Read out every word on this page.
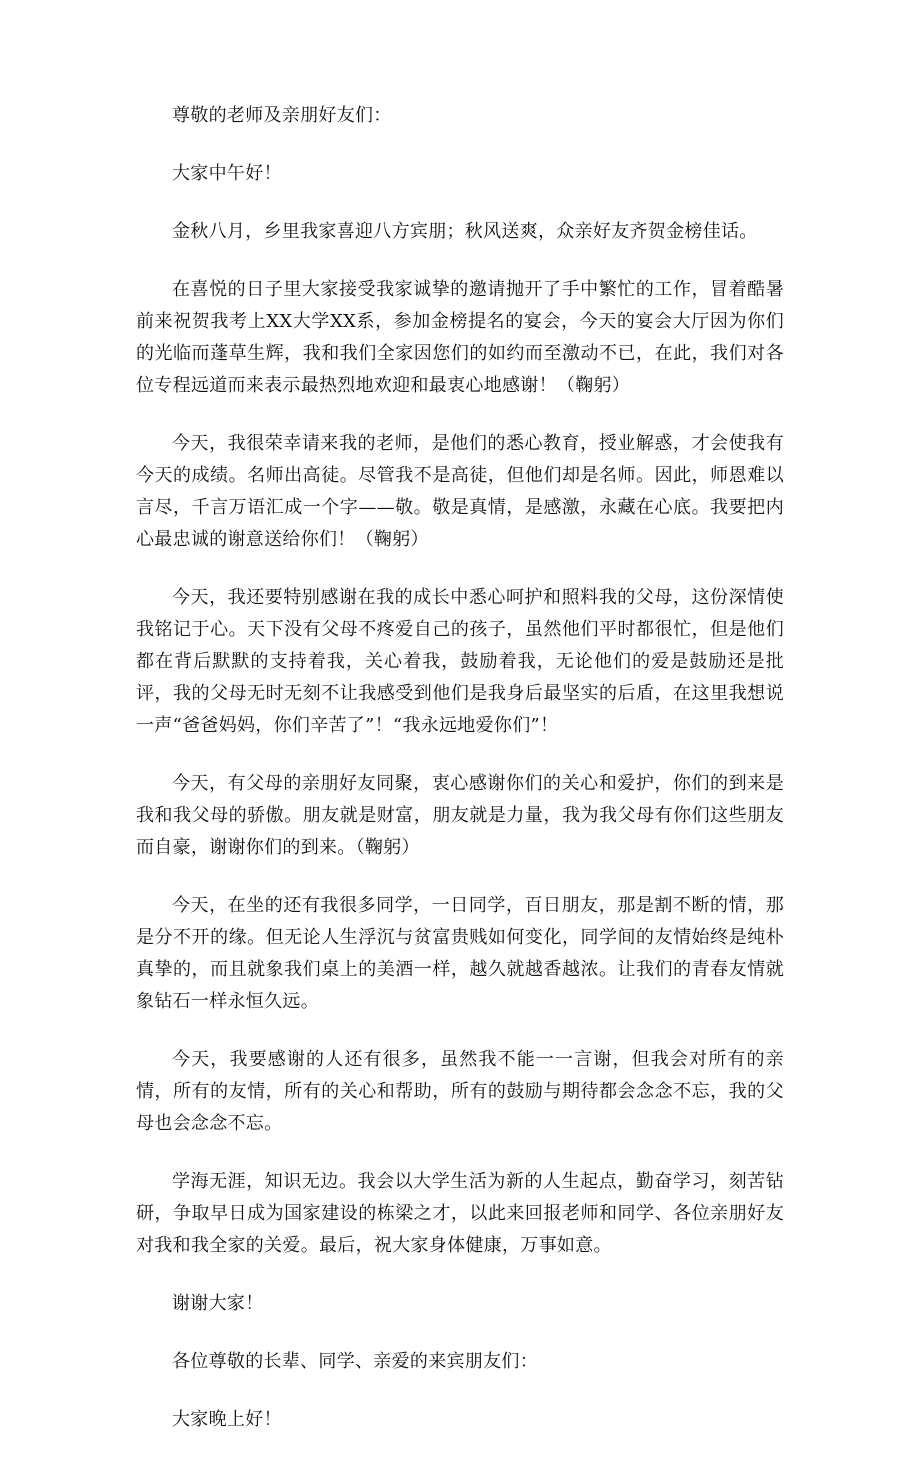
尊敬的老师及亲朋好友们：

大家中午好！

金秋八月，乡里我家喜迎八方宾朋；秋风送爽，众亲好友齐贺金榜佳话。

在喜悦的日子里大家接受我家诚挚的邀请抛开了手中繁忙的工作，冒着酷暑前来祝贺我考上XX大学XX系，参加金榜提名的宴会，今天的宴会大厅因为你们的光临而蓬草生辉，我和我们全家因您们的如约而至激动不已，在此，我们对各位专程远道而来表示最热烈地欢迎和最衷心地感谢！（鞠躬）

今天，我很荣幸请来我的老师，是他们的悉心教育，授业解惑，才会使我有今天的成绩。名师出高徒。尽管我不是高徒，但他们却是名师。因此，师恩难以言尽，千言万语汇成一个字——敬。敬是真情，是感激，永藏在心底。我要把内心最忠诚的谢意送给你们！（鞠躬）

今天，我还要特别感谢在我的成长中悉心呵护和照料我的父母，这份深情使我铭记于心。天下没有父母不疼爱自己的孩子，虽然他们平时都很忙，但是他们都在背后默默的支持着我，关心着我，鼓励着我，无论他们的爱是鼓励还是批评，我的父母无时无刻不让我感受到他们是我身后最坚实的后盾，在这里我想说一声“爸爸妈妈，你们辛苦了”！“我永远地爱你们”！

今天，有父母的亲朋好友同聚，衷心感谢你们的关心和爱护，你们的到来是我和我父母的骄傲。朋友就是财富，朋友就是力量，我为我父母有你们这些朋友而自豪，谢谢你们的到来。（鞠躬）

今天，在坐的还有我很多同学，一日同学，百日朋友，那是割不断的情，那是分不开的缘。但无论人生浮沉与贫富贵贱如何变化，同学间的友情始终是纯朴真挚的，而且就象我们桌上的美酒一样，越久就越香越浓。让我们的青春友情就象钻石一样永恒久远。

今天，我要感谢的人还有很多，虽然我不能一一言谢，但我会对所有的亲情，所有的友情，所有的关心和帮助，所有的鼓励与期待都会念念不忘，我的父母也会念念不忘。

学海无涯，知识无边。我会以大学生活为新的人生起点，勤奋学习，刻苦钻研，争取早日成为国家建设的栋梁之才，以此来回报老师和同学、各位亲朋好友对我和我全家的关爱。最后，祝大家身体健康，万事如意。

谢谢大家！

各位尊敬的长辈、同学、亲爱的来宾朋友们：

大家晚上好！
